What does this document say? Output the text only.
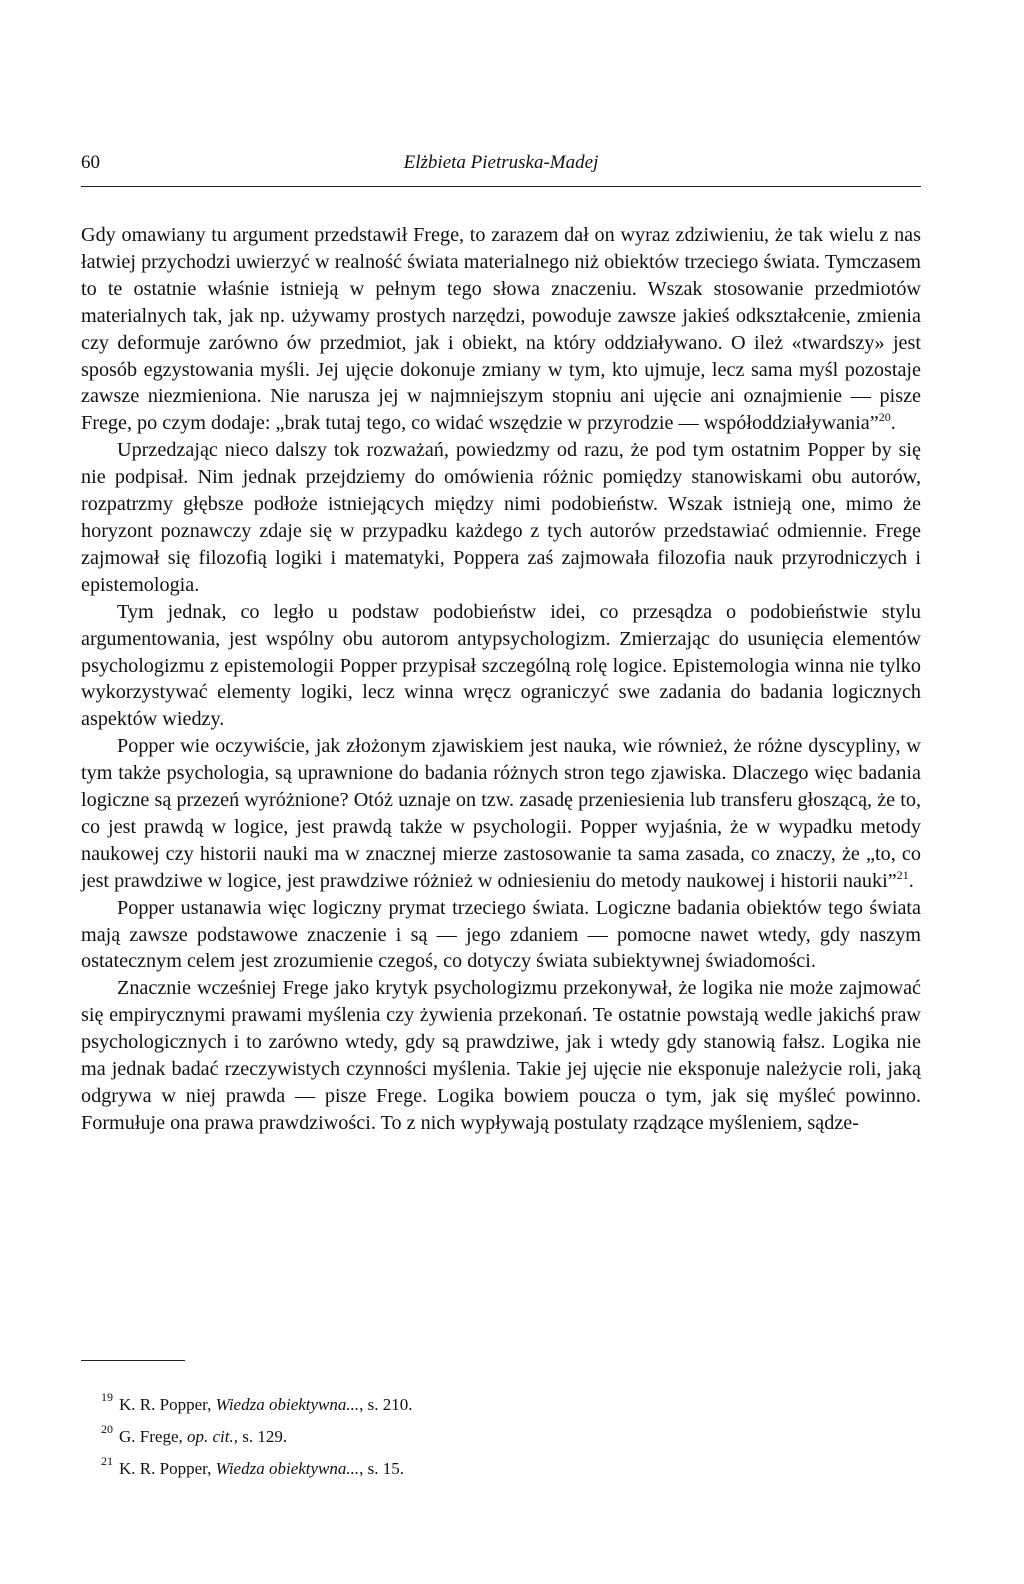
60	Elżbieta Pietruska-Madej

Gdy omawiany tu argument przedstawił Frege, to zarazem dał on wyraz zdziwieniu, że tak wielu z nas łatwiej przychodzi uwierzyć w realność świata materialnego niż obiektów trzeciego świata. Tymczasem to te ostatnie właśnie istnieją w pełnym tego słowa znaczeniu. Wszak stosowanie przedmiotów materialnych tak, jak np. używamy prostych narzędzi, powoduje zawsze jakieś odkształcenie, zmienia czy deformuje zarówno ów przedmiot, jak i obiekt, na który oddziaływano. O ileż «twardszy» jest sposób egzystowania myśli. Jej ujęcie dokonuje zmiany w tym, kto ujmuje, lecz sama myśl pozostaje zawsze niezmieniona. Nie narusza jej w najmniejszym stopniu ani ujęcie ani oznajmienie — pisze Frege, po czym dodaje: „brak tutaj tego, co widać wszędzie w przyrodzie — współoddziaływania”$^{20}$.

Uprzedzając nieco dalszy tok rozważań, powiedzmy od razu, że pod tym ostatnim Popper by się nie podpisał. Nim jednak przejdziemy do omówienia różnic pomiędzy stanowiskami obu autorów, rozpatrzmy głębsze podłoże istniejących między nimi podobieństw. Wszak istnieją one, mimo że horyzont poznawczy zdaje się w przypadku każdego z tych autorów przedstawiać odmiennie. Frege zajmował się filozofią logiki i matematyki, Poppera zaś zajmowała filozofia nauk przyrodniczych i epistemologia.

Tym jednak, co legło u podstaw podobieństw idei, co przesądza o podobieństwie stylu argumentowania, jest wspólny obu autorom antypsychologizm. Zmierzając do usunięcia elementów psychologizmu z epistemologii Popper przypisał szczególną rolę logice. Epistemologia winna nie tylko wykorzystywać elementy logiki, lecz winna wręcz ograniczyć swe zadania do badania logicznych aspektów wiedzy.

Popper wie oczywiście, jak złożonym zjawiskiem jest nauka, wie również, że różne dyscypliny, w tym także psychologia, są uprawnione do badania różnych stron tego zjawiska. Dlaczego więc badania logiczne są przezeń wyróżnione? Otóż uznaje on tzw. zasadę przeniesienia lub transferu głoszącą, że to, co jest prawdą w logice, jest prawdą także w psychologii. Popper wyjaśnia, że w wypadku metody naukowej czy historii nauki ma w znacznej mierze zastosowanie ta sama zasada, co znaczy, że „to, co jest prawdziwe w logice, jest prawdziwe różnież w odniesieniu do metody naukowej i historii nauki”$^{21}$.

Popper ustanawia więc logiczny prymat trzeciego świata. Logiczne badania obiektów tego świata mają zawsze podstawowe znaczenie i są — jego zdaniem — pomocne nawet wtedy, gdy naszym ostatecznym celem jest zrozumienie czegoś, co dotyczy świata subiektywnej świadomości.

Znacznie wcześniej Frege jako krytyk psychologizmu przekonywał, że logika nie może zajmować się empirycznymi prawami myślenia czy żywienia przekonań. Te ostatnie powstają wedle jakichś praw psychologicznych i to zarówno wtedy, gdy są prawdziwe, jak i wtedy gdy stanowią fałsz. Logika nie ma jednak badać rzeczywistych czynności myślenia. Takie jej ujęcie nie eksponuje należycie roli, jaką odgrywa w niej prawda — pisze Frege. Logika bowiem poucza o tym, jak się myśleć powinno. Formułuje ona prawa prawdziwości. To z nich wypływają postulaty rządzące myśleniem, sądze-

19 K. R. Popper, Wiedza obiektywna..., s. 210.

20 G. Frege, op. cit., s. 129.

21 K. R. Popper, Wiedza obiektywna..., s. 15.
